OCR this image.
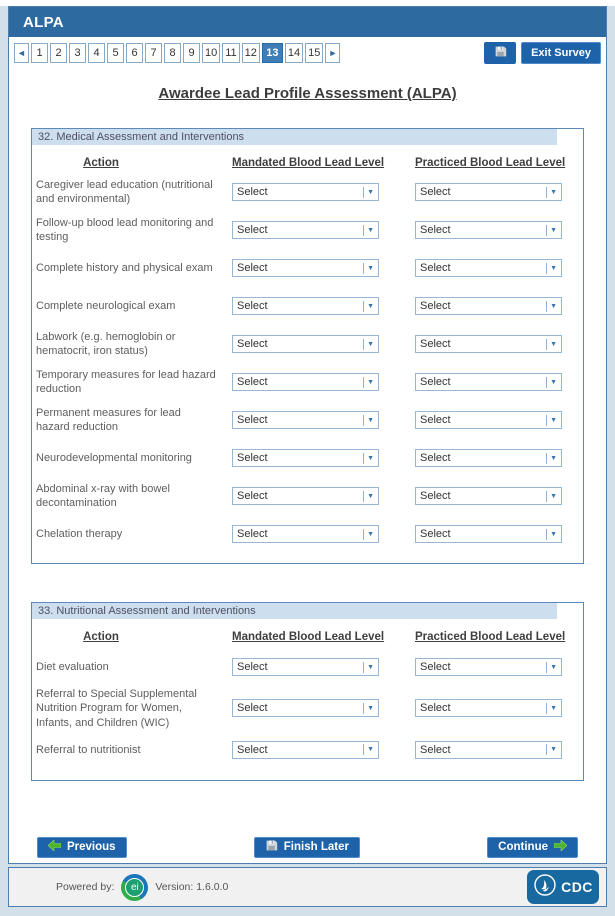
ALPA
1	2	3	4	5	6	7	8	9 10 11 12 13 14 15
◄	►	Exit Survey
Awardee Lead Profile Assessment (ALPA)
32. Medical Assessment and Interventions
Action	Mandated Blood Lead Level	Practiced Blood Lead Level
Caregiver lead education (nutritional and environmental)
Select	▼	Select	▼
Follow-up blood lead monitoring and testing
Select	▼	Select	▼
Complete history and physical exam	Select	▼	Select	▼
Complete neurological exam	Select	▼	Select	▼
Labwork (e.g. hemoglobin or hematocrit, iron status)
Select	▼	Select	▼
Temporary measures for lead hazard reduction
Select	▼	Select	▼
Permanent measures for lead hazard reduction
Select	▼	Select	▼
Neurodevelopmental monitoring	Select	▼	Select	▼
Abdominal x-ray with bowel decontamination
Select	▼	Select	▼
Chelation therapy	Select	▼	Select	▼
33. Nutritional Assessment and Interventions
Action	Mandated Blood Lead Level	Practiced Blood Lead Level
Diet evaluation	Select	▼	Select	▼
Referral to Special Supplemental Nutrition Program for Women, Infants, and Children (WIC)
Select	▼	Select	▼
Referral to nutritionist	Select	▼	Select	▼
Previous	Finish Later	Continue
Powered by:	ei	Version: 1.6.0.0	CDC
